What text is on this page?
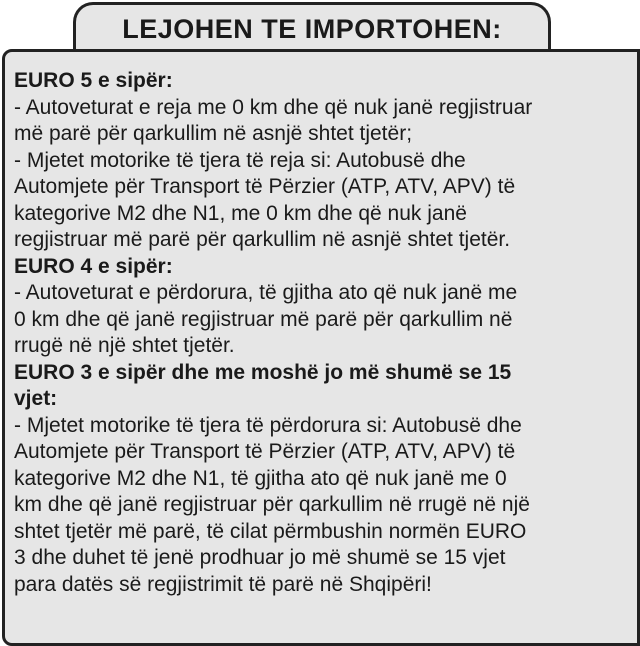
LEJOHEN TE IMPORTOHEN:
EURO 5 e sipër:
- Autoveturat e reja me 0 km dhe që nuk janë regjistruar
më parë për qarkullim në asnjë shtet tjetër;
- Mjetet motorike të tjera të reja si: Autobusë dhe
Automjete për Transport të Përzier (ATP, ATV, APV) të
kategorive M2 dhe N1, me 0 km dhe që nuk janë
regjistruar më parë për qarkullim në asnjë shtet tjetër.
EURO 4 e sipër:
- Autoveturat e përdorura, të gjitha ato që nuk janë me
0 km dhe që janë regjistruar më parë për qarkullim në
rrugë në një shtet tjetër.
EURO 3 e sipër dhe me moshë jo më shumë se 15
vjet:
- Mjetet motorike të tjera të përdorura si: Autobusë dhe
Automjete për Transport të Përzier (ATP, ATV, APV) të
kategorive M2 dhe N1, të gjitha ato që nuk janë me 0
km dhe që janë regjistruar për qarkullim në rrugë në një
shtet tjetër më parë, të cilat përmbushin normën EURO
3 dhe duhet të jenë prodhuar jo më shumë se 15 vjet
para datës së regjistrimit të parë në Shqipëri!
